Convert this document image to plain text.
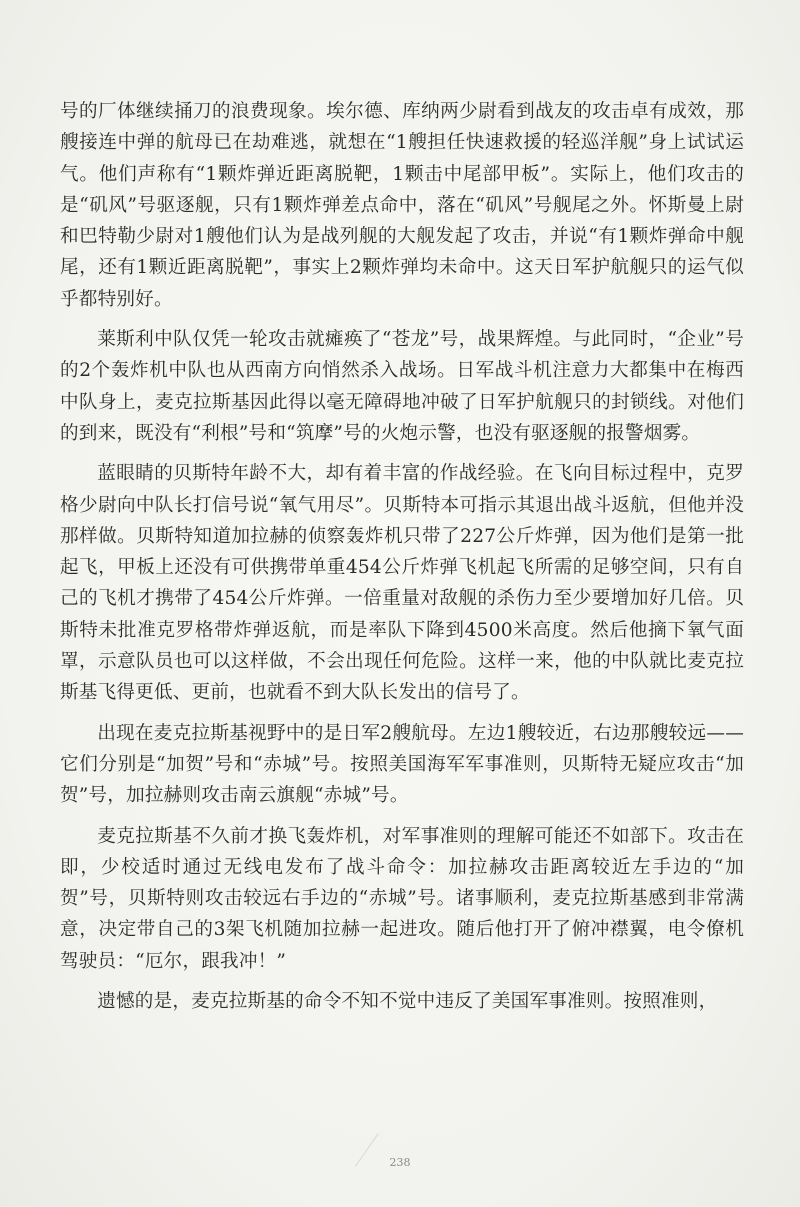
号的厂体继续捅刀的浪费现象。埃尔德、库纳两少尉看到战友的攻击卓有成效，那艘接连中弹的航母已在劫难逃，就想在“1艘担任快速救援的轻巡洋舰”身上试试运气。他们声称有“1颗炸弹近距离脱靶，1颗击中尾部甲板”。实际上，他们攻击的是“矶风”号驱逐舰，只有1颗炸弹差点命中，落在“矶风”号舰尾之外。怀斯曼上尉和巴特勒少尉对1艘他们认为是战列舰的大舰发起了攻击，并说“有1颗炸弹命中舰尾，还有1颗近距离脱靶”，事实上2颗炸弹均未命中。这天日军护航舰只的运气似乎都特别好。

莱斯利中队仅凭一轮攻击就瘫痪了“苍龙”号，战果辉煌。与此同时，“企业”号的2个轰炸机中队也从西南方向悄然杀入战场。日军战斗机注意力大都集中在梅西中队身上，麦克拉斯基因此得以毫无障碍地冲破了日军护航舰只的封锁线。对他们的到来，既没有“利根”号和“筑摩”号的火炮示警，也没有驱逐舰的报警烟雾。

蓝眼睛的贝斯特年龄不大，却有着丰富的作战经验。在飞向目标过程中，克罗格少尉向中队长打信号说“氧气用尽”。贝斯特本可指示其退出战斗返航，但他并没那样做。贝斯特知道加拉赫的侦察轰炸机只带了227公斤炸弹，因为他们是第一批起飞，甲板上还没有可供携带单重454公斤炸弹飞机起飞所需的足够空间，只有自己的飞机才携带了454公斤炸弹。一倍重量对敌舰的杀伤力至少要增加好几倍。贝斯特未批准克罗格带炸弹返航，而是率队下降到4500米高度。然后他摘下氧气面罩，示意队员也可以这样做，不会出现任何危险。这样一来，他的中队就比麦克拉斯基飞得更低、更前，也就看不到大队长发出的信号了。

出现在麦克拉斯基视野中的是日军2艘航母。左边1艘较近，右边那艘较远——它们分别是“加贺”号和“赤城”号。按照美国海军军事准则，贝斯特无疑应攻击“加贺”号，加拉赫则攻击南云旗舰“赤城”号。

麦克拉斯基不久前才换飞轰炸机，对军事准则的理解可能还不如部下。攻击在即，少校适时通过无线电发布了战斗命令：加拉赫攻击距离较近左手边的“加贺”号，贝斯特则攻击较远右手边的“赤城”号。诸事顺利，麦克拉斯基感到非常满意，决定带自己的3架飞机随加拉赫一起进攻。随后他打开了俯冲襟翼，电令僚机驾驶员：“厄尔，跟我冲！”

遗憾的是，麦克拉斯基的命令不知不觉中违反了美国军事准则。按照准则，

238
